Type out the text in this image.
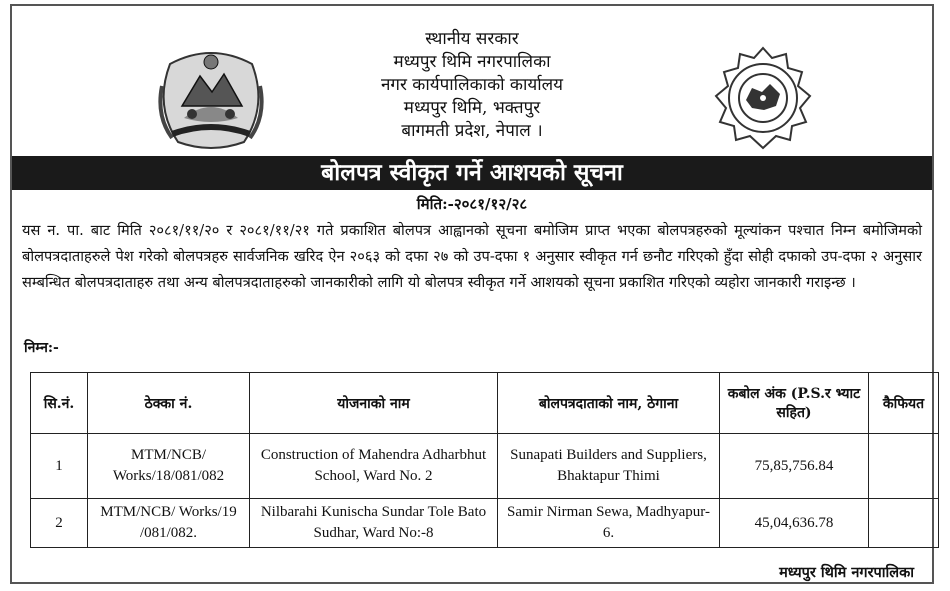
स्थानीय सरकार
मध्यपुर थिमि नगरपालिका
नगर कार्यपालिकाको कार्यालय
मध्यपुर थिमि, भक्तपुर
बागमती प्रदेश, नेपाल ।
बोलपत्र स्वीकृत गर्ने आशयको सूचना
मिति:-२०८१/१२/२८
यस न. पा. बाट मिति २०८१/११/२० र २०८१/११/२१ गते प्रकाशित बोलपत्र आह्वानको सूचना बमोजिम प्राप्त भएका बोलपत्रहरुको मूल्यांकन पश्चात निम्न बमोजिमको बोलपत्रदाताहरुले पेश गरेको बोलपत्रहरु सार्वजनिक खरिद ऐन २०६३ को दफा २७ को उप-दफा १ अनुसार स्वीकृत गर्न छनौट गरिएको हुँदा सोही दफाको उप-दफा २ अनुसार सम्बन्धित बोलपत्रदाताहरु तथा अन्य बोलपत्रदाताहरुको जानकारीको लागि यो बोलपत्र स्वीकृत गर्ने आशयको सूचना प्रकाशित गरिएको व्यहोरा जानकारी गराइन्छ ।
निम्न:-
सि.नं.	ठेक्का नं.	योजनाको नाम	बोलपत्रदाताको नाम, ठेगाना	कबोल अंक (P.S.र भ्याट सहित)	कैफियत
1	MTM/NCB/ Works/18/081/082	Construction of Mahendra Adharbhut School, Ward No. 2	Sunapati Builders and Suppliers, Bhaktapur Thimi	75,85,756.84	
2	MTM/NCB/ Works/19 /081/082.	Nilbarahi Kunischa Sundar Tole Bato Sudhar, Ward No:-8	Samir Nirman Sewa, Madhyapur-6.	45,04,636.78	
मध्यपुर थिमि नगरपालिका
